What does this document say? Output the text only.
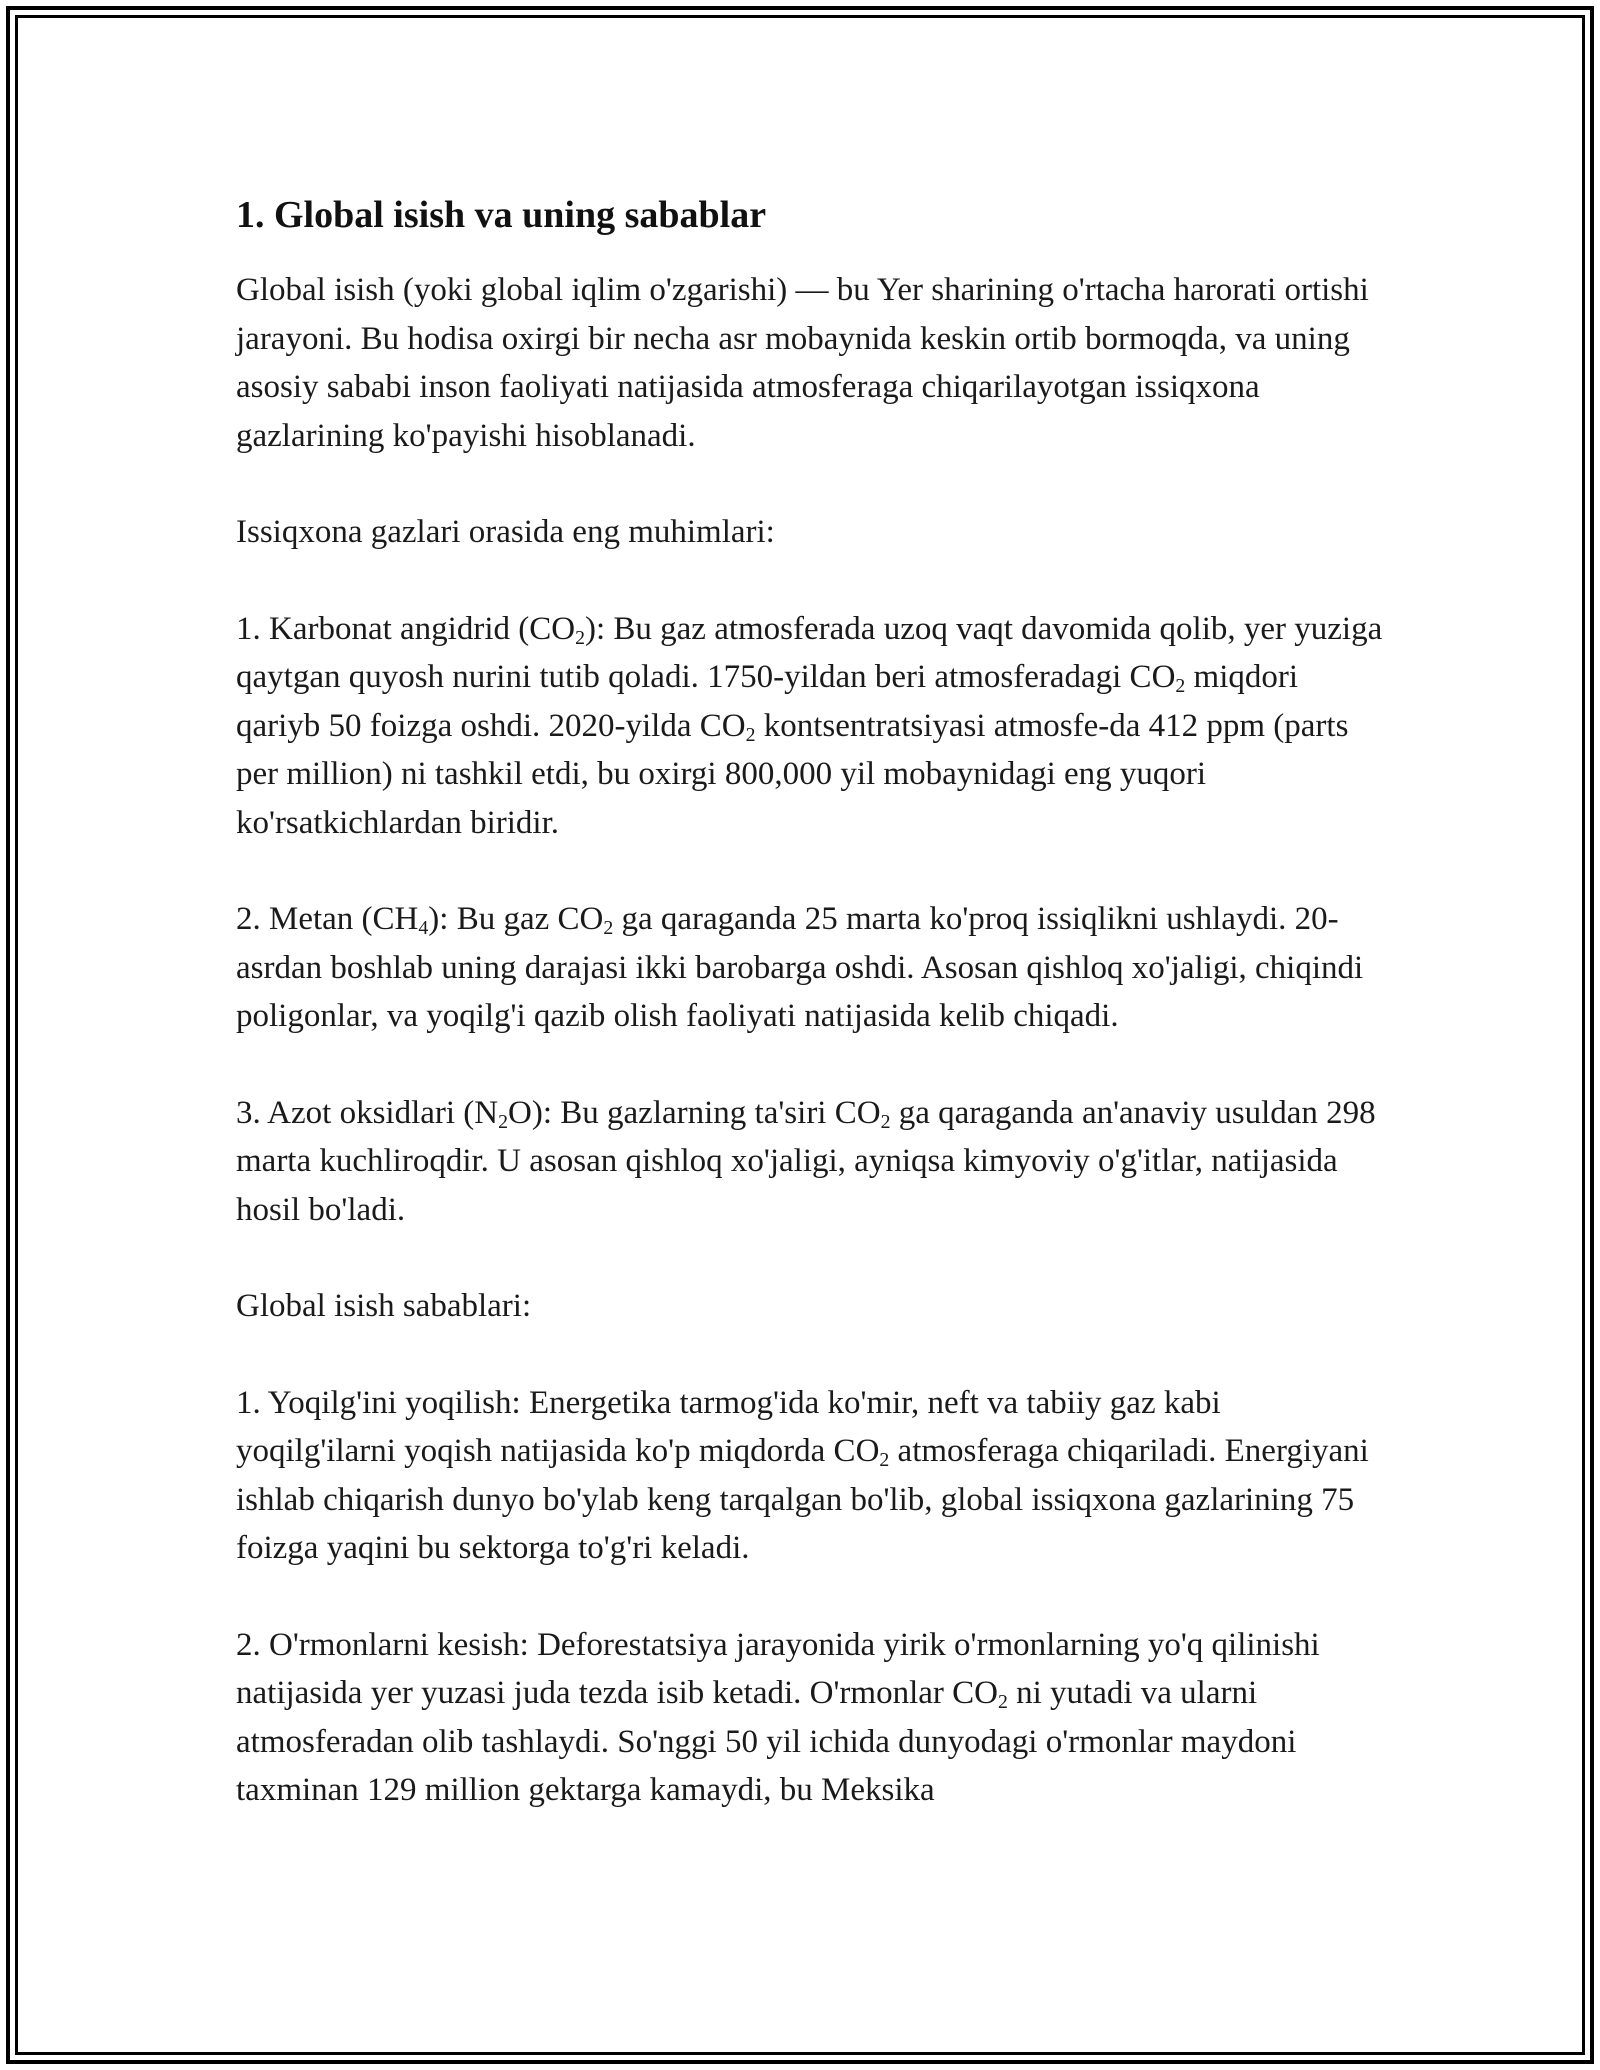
1. Global isish va uning sabablar

Global isish (yoki global iqlim o'zgarishi) — bu Yer sharining o'rtacha harorati ortishi jarayoni. Bu hodisa oxirgi bir necha asr mobaynida keskin ortib bormoqda, va uning asosiy sababi inson faoliyati natijasida atmosferaga chiqarilayotgan issiqxona gazlarining ko'payishi hisoblanadi.

Issiqxona gazlari orasida eng muhimlari:

1. Karbonat angidrid $(CO_2)$: Bu gaz atmosferada uzoq vaqt davomida qolib, yer yuziga qaytgan quyosh nurini tutib qoladi. 1750-yildan beri atmosferadagi $CO_2$ miqdori qariyb 50 foizga oshdi. 2020-yilda $CO_2$ kontsentratsiyasi atmosfe-da 412 ppm (parts per million) ni tashkil etdi, bu oxirgi 800,000 yil mobaynidagi eng yuqori ko'rsatkichlardan biridir.

2. Metan $(CH_4)$: Bu gaz $CO_2$ ga qaraganda 25 marta ko'proq issiqlikni ushlaydi. 20-asrdan boshlab uning darajasi ikki barobarga oshdi. Asosan qishloq xo'jaligi, chiqindi poligonlar, va yoqilg'i qazib olish faoliyati natijasida kelib chiqadi.

3. Azot oksidlari $(N_2O)$: Bu gazlarning ta'siri $CO_2$ ga qaraganda an'anaviy usuldan 298 marta kuchliroqdir. U asosan qishloq xo'jaligi, ayniqsa kimyoviy o'g'itlar, natijasida hosil bo'ladi.

Global isish sabablari:

1. Yoqilg'ini yoqilish: Energetika tarmog'ida ko'mir, neft va tabiiy gaz kabi yoqilg'ilarni yoqish natijasida ko'p miqdorda $CO_2$ atmosferaga chiqariladi. Energiyani ishlab chiqarish dunyo bo'ylab keng tarqalgan bo'lib, global issiqxona gazlarining 75 foizga yaqini bu sektorga to'g'ri keladi.

2. O'rmonlarni kesish: Deforestatsiya jarayonida yirik o'rmonlarning yo'q qilinishi natijasida yer yuzasi juda tezda isib ketadi. O'rmonlar $CO_2$ ni yutadi va ularni atmosferadan olib tashlaydi. So'nggi 50 yil ichida dunyodagi o'rmonlar maydoni taxminan 129 million gektarga kamaydi, bu Meksika
